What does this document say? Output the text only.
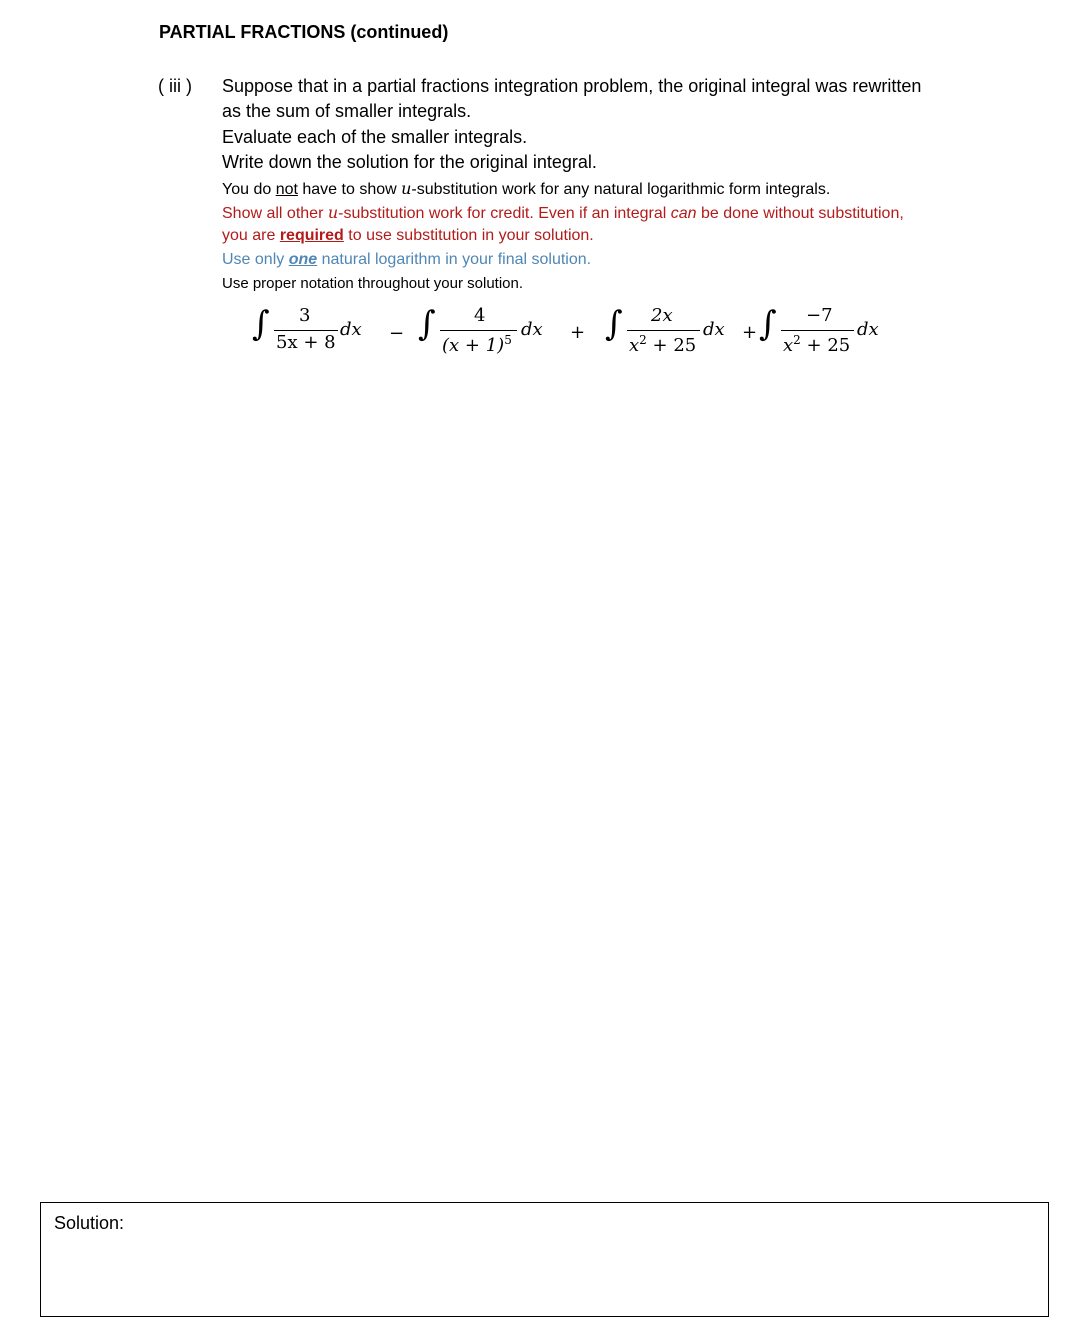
PARTIAL FRACTIONS (continued)
( iii ) Suppose that in a partial fractions integration problem, the original integral was rewritten
as the sum of smaller integrals.
Evaluate each of the smaller integrals.
Write down the solution for the original integral.
You do not have to show u-substitution work for any natural logarithmic form integrals.
Show all other u-substitution work for credit. Even if an integral can be done without substitution,
you are required to use substitution in your solution.
Use only one natural logarithm in your final solution.
Use proper notation throughout your solution.
∫ 3
5x + 8
dx − ∫ 4
$(x + 1)^5$ dx + ∫ 2x
$x^2 + 25$
dx + ∫ −7
$x^2 + 25$
dx
Solution:
